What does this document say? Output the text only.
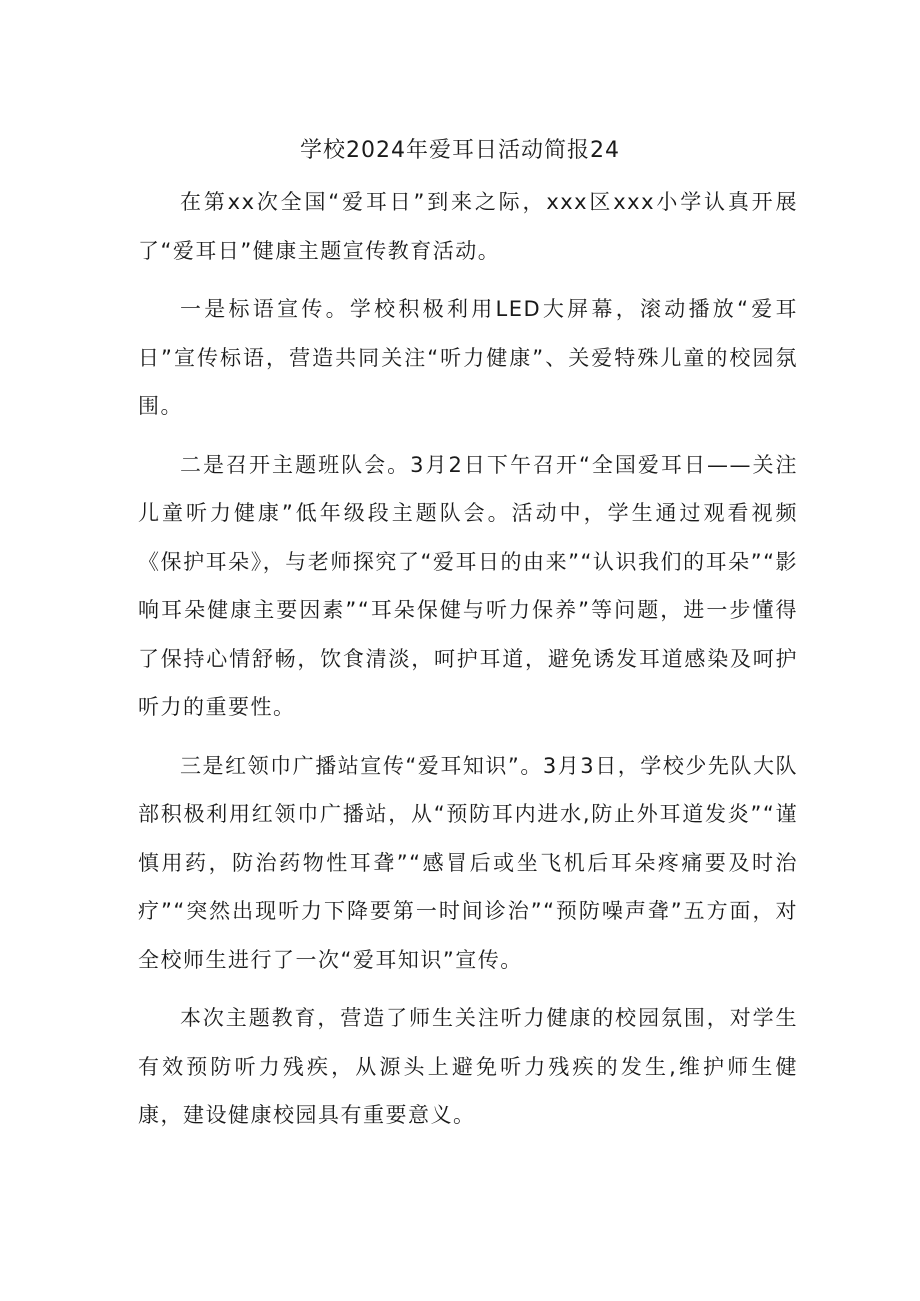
学校2024年爱耳日活动简报24

在第xx次全国“爱耳日”到来之际，xxx区xxx小学认真开展了“爱耳日”健康主题宣传教育活动。

一是标语宣传。学校积极利用LED大屏幕，滚动播放“爱耳日”宣传标语，营造共同关注“听力健康”、关爱特殊儿童的校园氛围。

二是召开主题班队会。3月2日下午召开“全国爱耳日——关注儿童听力健康”低年级段主题队会。活动中，学生通过观看视频《保护耳朵》，与老师探究了“爱耳日的由来”“认识我们的耳朵”“影响耳朵健康主要因素”“耳朵保健与听力保养”等问题，进一步懂得了保持心情舒畅，饮食清淡，呵护耳道，避免诱发耳道感染及呵护听力的重要性。

三是红领巾广播站宣传“爱耳知识”。3月3日，学校少先队大队部积极利用红领巾广播站，从“预防耳内进水,防止外耳道发炎”“谨慎用药，防治药物性耳聋”“感冒后或坐飞机后耳朵疼痛要及时治疗”“突然出现听力下降要第一时间诊治”“预防噪声聋”五方面，对全校师生进行了一次“爱耳知识”宣传。

本次主题教育，营造了师生关注听力健康的校园氛围，对学生有效预防听力残疾，从源头上避免听力残疾的发生,维护师生健康，建设健康校园具有重要意义。
